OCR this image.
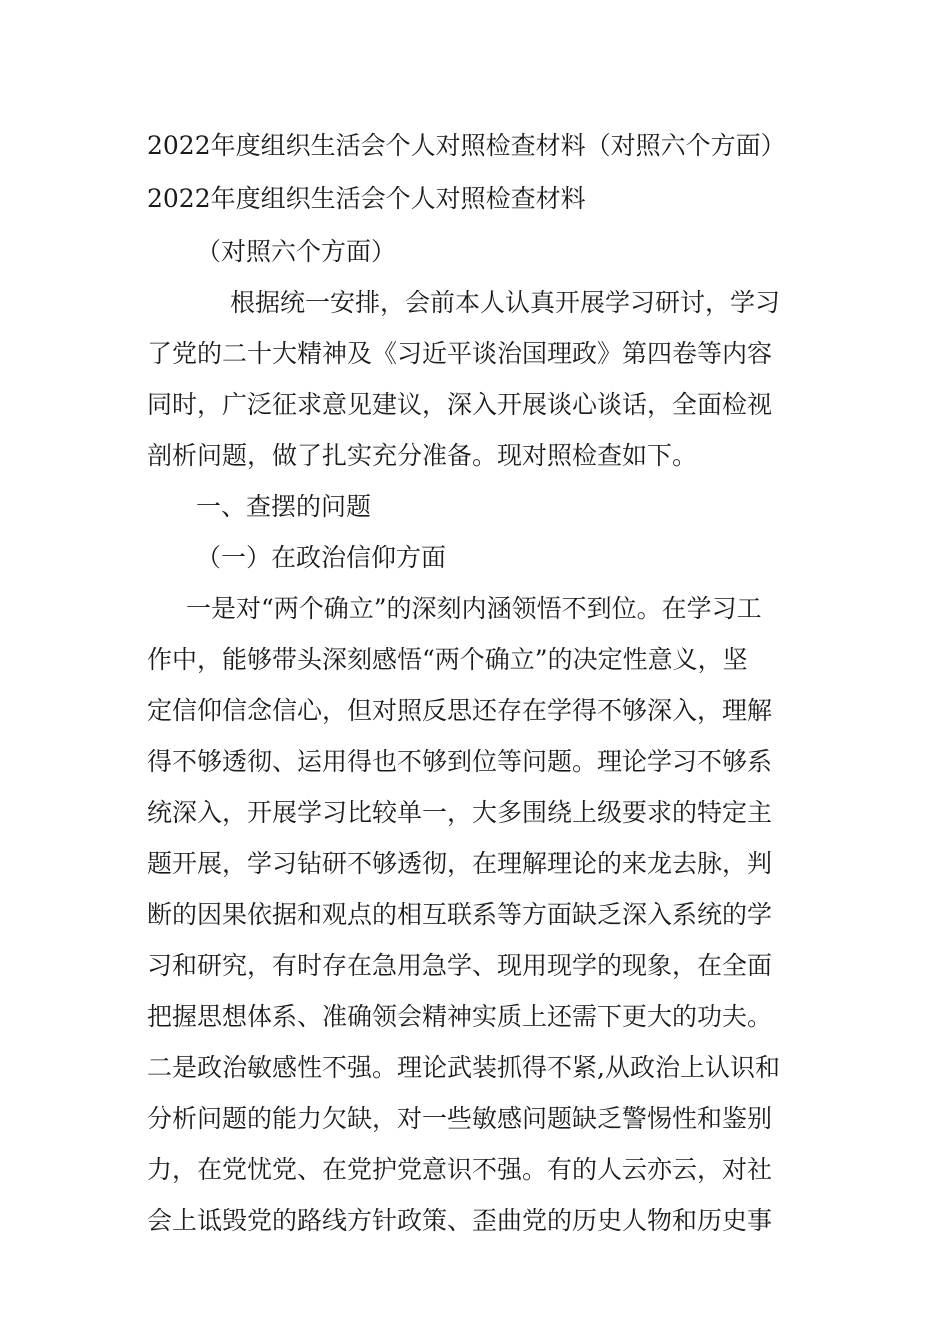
2022年度组织生活会个人对照检查材料（对照六个方面）
2022年度组织生活会个人对照检查材料
（对照六个方面）
根据统一安排，会前本人认真开展学习研讨，学习
了党的二十大精神及《习近平谈治国理政》第四卷等内容
同时，广泛征求意见建议，深入开展谈心谈话，全面检视
剖析问题，做了扎实充分准备。现对照检查如下。
一、查摆的问题
（一）在政治信仰方面
一是对“两个确立”的深刻内涵领悟不到位。在学习工
作中，能够带头深刻感悟“两个确立”的决定性意义，坚
定信仰信念信心，但对照反思还存在学得不够深入，理解
得不够透彻、运用得也不够到位等问题。理论学习不够系
统深入，开展学习比较单一，大多围绕上级要求的特定主
题开展，学习钻研不够透彻，在理解理论的来龙去脉，判
断的因果依据和观点的相互联系等方面缺乏深入系统的学
习和研究，有时存在急用急学、现用现学的现象，在全面
把握思想体系、准确领会精神实质上还需下更大的功夫。
二是政治敏感性不强。理论武装抓得不紧,从政治上认识和
分析问题的能力欠缺，对一些敏感问题缺乏警惕性和鉴别
力，在党忧党、在党护党意识不强。有的人云亦云，对社
会上诋毁党的路线方针政策、歪曲党的历史人物和历史事
